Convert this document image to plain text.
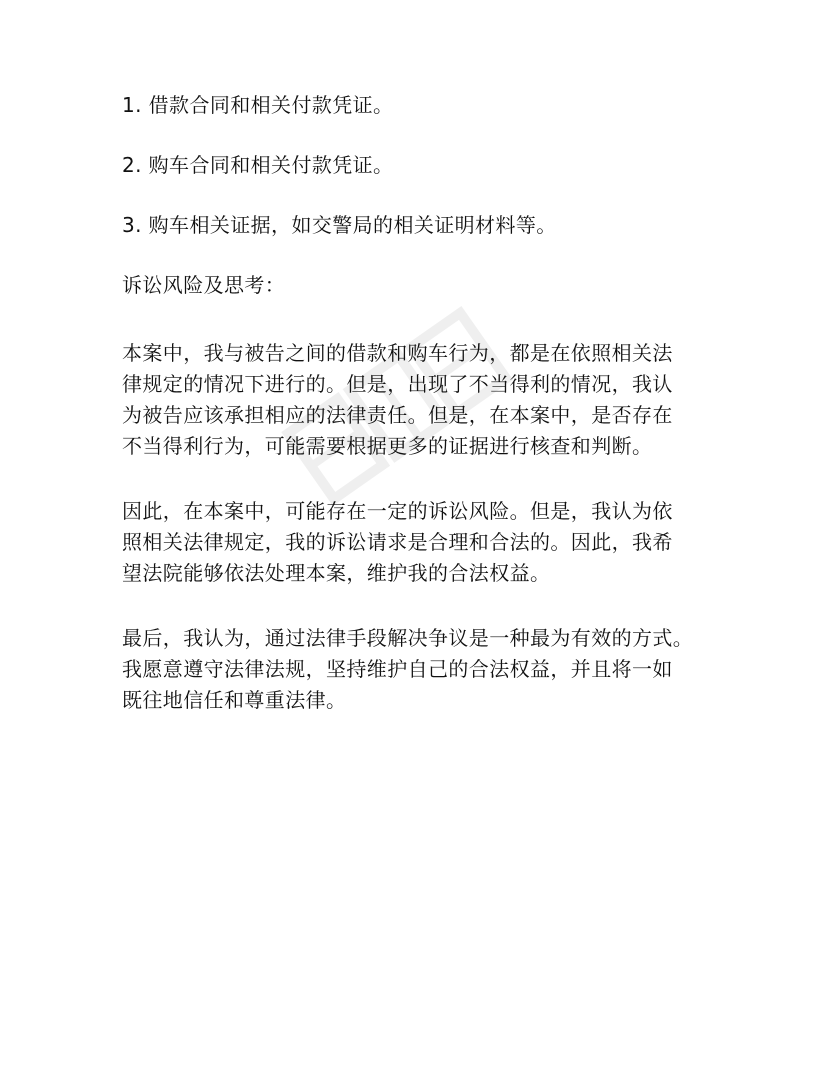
1. 借款合同和相关付款凭证。

2. 购车合同和相关付款凭证。

3. 购车相关证据，如交警局的相关证明材料等。

诉讼风险及思考：

本案中，我与被告之间的借款和购车行为，都是在依照相关法
律规定的情况下进行的。但是，出现了不当得利的情况，我认
为被告应该承担相应的法律责任。但是，在本案中，是否存在
不当得利行为，可能需要根据更多的证据进行核查和判断。

因此，在本案中，可能存在一定的诉讼风险。但是，我认为依
照相关法律规定，我的诉讼请求是合理和合法的。因此，我希
望法院能够依法处理本案，维护我的合法权益。

最后，我认为，通过法律手段解决争议是一种最为有效的方式。
我愿意遵守法律法规，坚持维护自己的合法权益，并且将一如
既往地信任和尊重法律。
